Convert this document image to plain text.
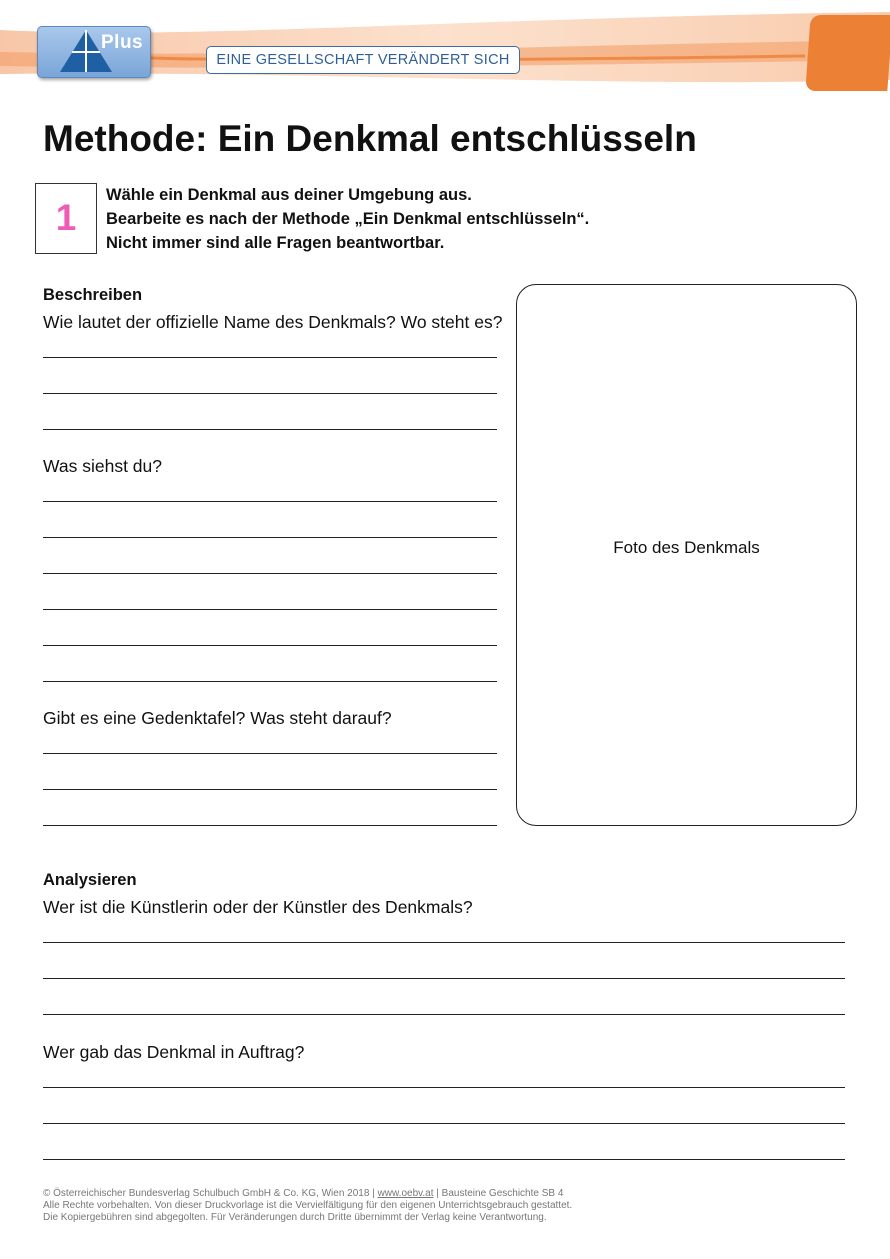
Plus
EINE GESELLSCHAFT VERÄNDERT SICH
Methode: Ein Denkmal entschlüsseln
1
Wähle ein Denkmal aus deiner Umgebung aus.
Bearbeite es nach der Methode „Ein Denkmal entschlüsseln“.
Nicht immer sind alle Fragen beantwortbar.
Beschreiben
Wie lautet der offizielle Name des Denkmals? Wo steht es?
Was siehst du?
Gibt es eine Gedenktafel? Was steht darauf?
Foto des Denkmals
Analysieren
Wer ist die Künstlerin oder der Künstler des Denkmals?
Wer gab das Denkmal in Auftrag?
© Österreichischer Bundesverlag Schulbuch GmbH & Co. KG, Wien 2018 | www.oebv.at | Bausteine Geschichte SB 4
Alle Rechte vorbehalten. Von dieser Druckvorlage ist die Vervielfältigung für den eigenen Unterrichtsgebrauch gestattet.
Die Kopiergebühren sind abgegolten. Für Veränderungen durch Dritte übernimmt der Verlag keine Verantwortung.
